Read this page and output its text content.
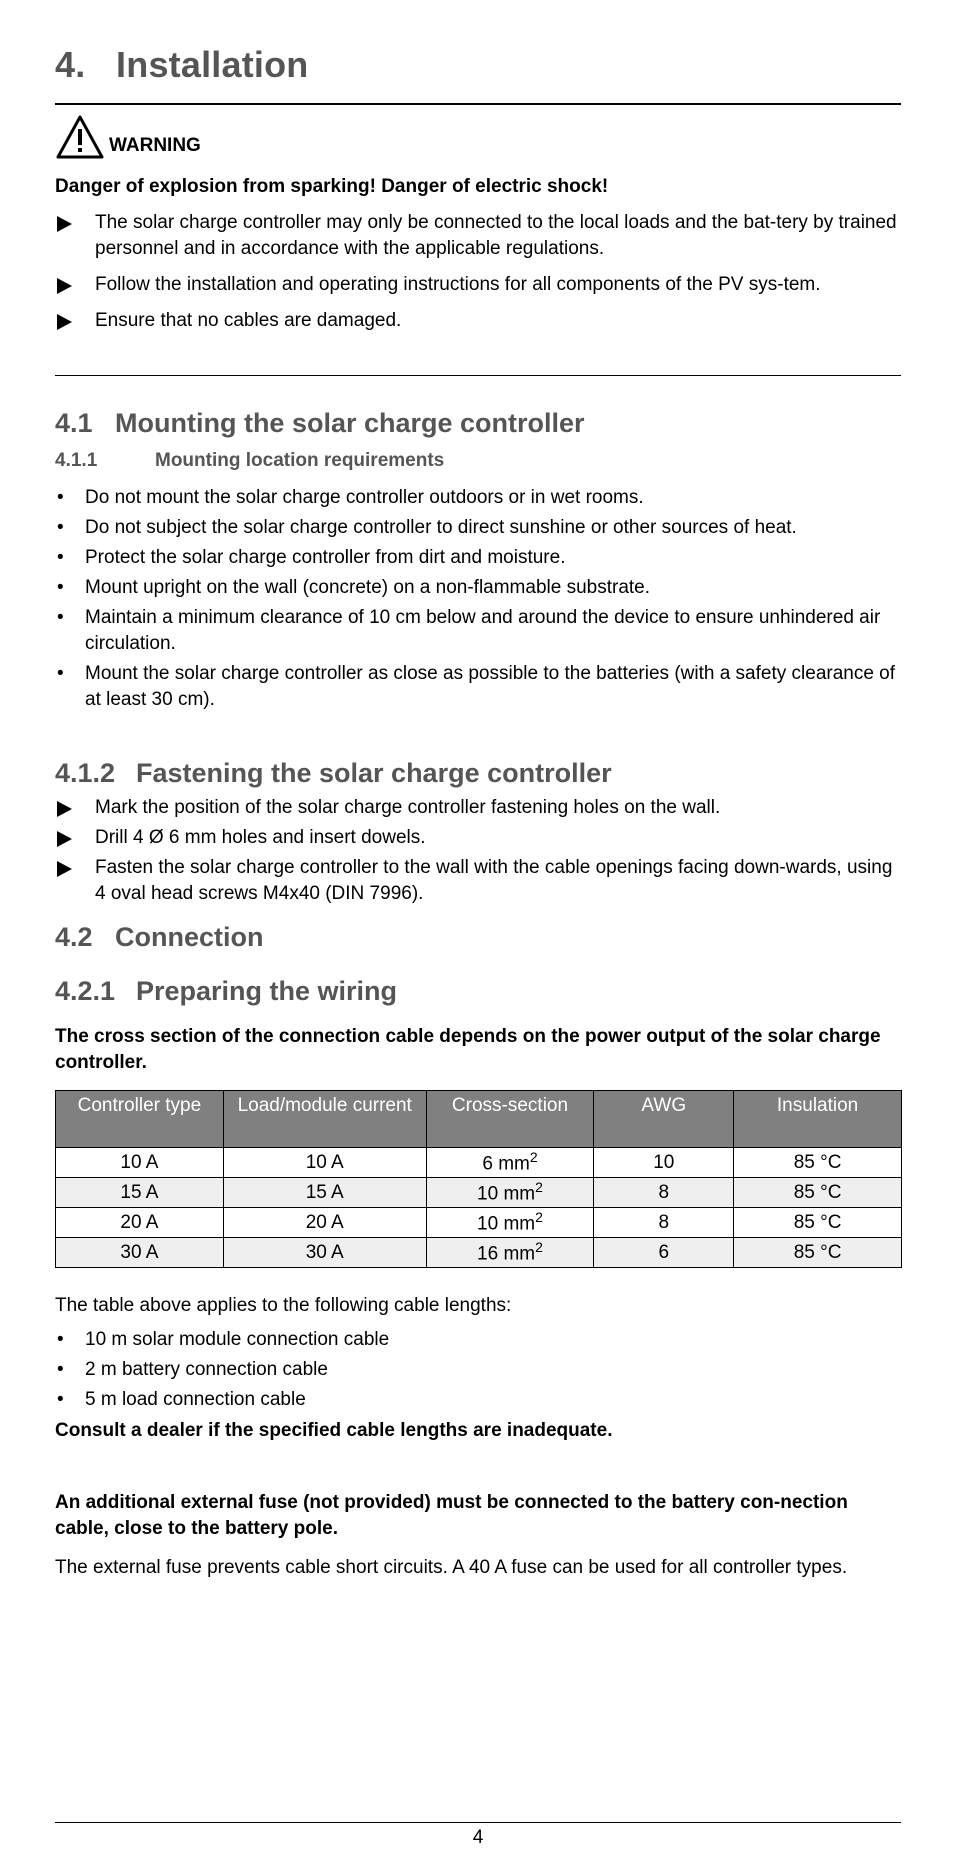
4. Installation
WARNING
Danger of explosion from sparking! Danger of electric shock!
The solar charge controller may only be connected to the local loads and the bat-tery by trained personnel and in accordance with the applicable regulations.
Follow the installation and operating instructions for all components of the PV sys-tem.
Ensure that no cables are damaged.
4.1 Mounting the solar charge controller
4.1.1	Mounting location requirements
• Do not mount the solar charge controller outdoors or in wet rooms.
• Do not subject the solar charge controller to direct sunshine or other sources of heat.
• Protect the solar charge controller from dirt and moisture.
• Mount upright on the wall (concrete) on a non-flammable substrate.
• Maintain a minimum clearance of 10 cm below and around the device to ensure unhindered air circulation.
• Mount the solar charge controller as close as possible to the batteries (with a safety clearance of at least 30 cm).
4.1.2 Fastening the solar charge controller
Mark the position of the solar charge controller fastening holes on the wall.
Drill 4 Ø 6 mm holes and insert dowels.
Fasten the solar charge controller to the wall with the cable openings facing down-wards, using 4 oval head screws M4x40 (DIN 7996).
4.2 Connection
4.2.1 Preparing the wiring

The cross section of the connection cable depends on the power output of the solar charge controller.

Controller type	Load/module current	Cross-section	AWG	Insulation
10 A	10 A	6 $mm^2$	10	85 °C
15 A	15 A	10 $mm^2$	8	85 °C
20 A	20 A	10 $mm^2$	8	85 °C
30 A	30 A	16 $mm^2$	6	85 °C

The table above applies to the following cable lengths:

• 10 m solar module connection cable
• 2 m battery connection cable
• 5 m load connection cable

Consult a dealer if the specified cable lengths are inadequate.

An additional external fuse (not provided) must be connected to the battery con-nection cable, close to the battery pole.

The external fuse prevents cable short circuits. A 40 A fuse can be used for all controller types.

4
